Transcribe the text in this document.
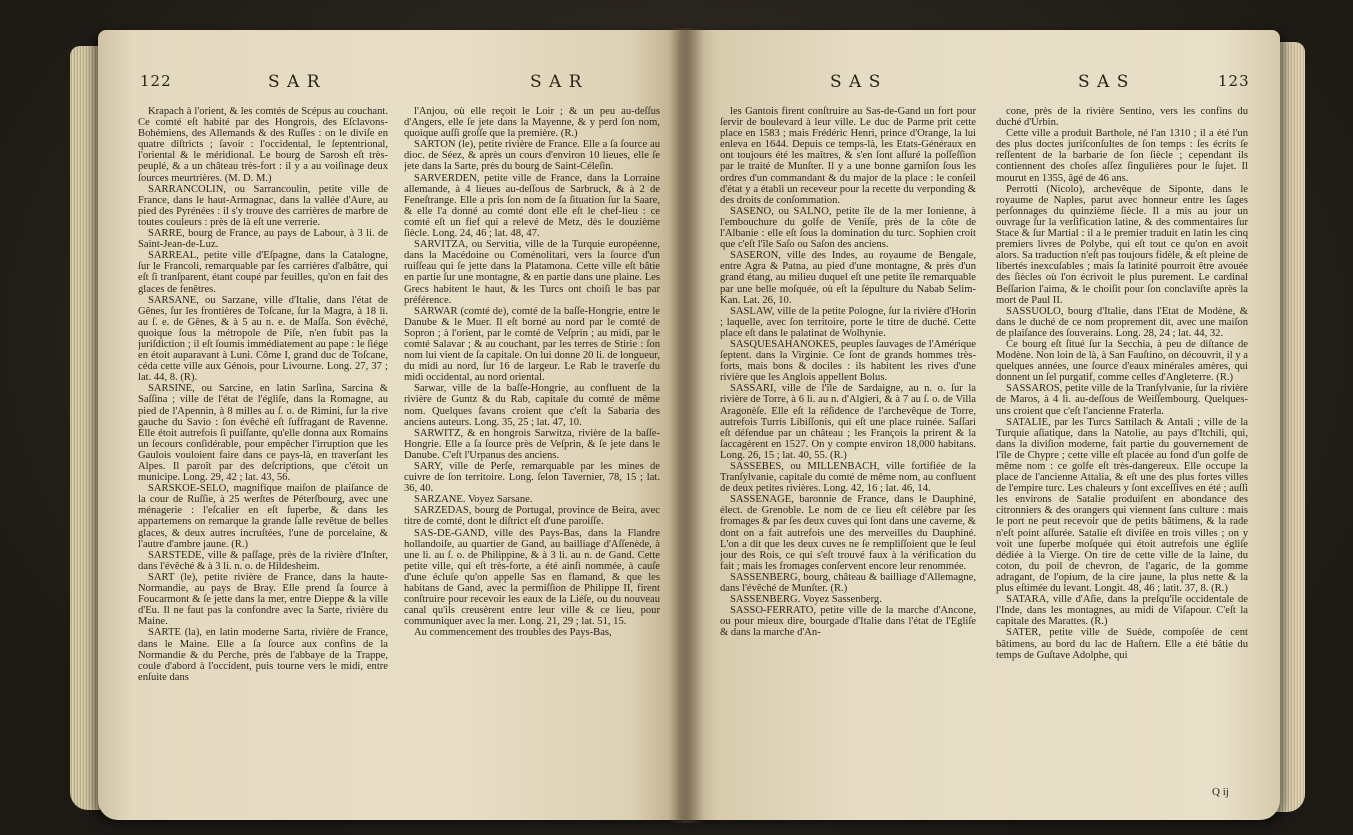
122	S A R	S A R

Krapach à l'orient, & les comtés de Scépus au couchant. Ce comté eſt habité par des Hongrois, des Eſclavons-Bohémiens, des Allemands & des Ruſſes : on le diviſe en quatre diſtricts ; ſavoir : l'occidental, le ſeptentrional, l'oriental & le méridional. Le bourg de Sarosh eſt très-peuplé, & a un château très-fort : il y a au voiſinage deux ſources meurtrières. (M. D. M.)

SARRANCOLIN, ou Sarrancoulin, petite ville de France, dans le haut-Armagnac, dans la vallée d'Aure, au pied des Pyrénées : il s'y trouve des carrières de marbre de toutes couleurs : près de là eſt une verrerie.

SARRE, bourg de France, au pays de Labour, à 3 li. de Saint-Jean-de-Luz.

SARREAL, petite ville d'Eſpagne, dans la Catalogne, ſur le Francoli, remarquable par ſes carrières d'albâtre, qui eſt ſi tranſparent, étant coupé par feuilles, qu'on en fait des glaces de fenêtres.

SARSANE, ou Sarzane, ville d'Italie, dans l'état de Gênes, ſur les frontières de Toſcane, ſur la Magra, à 18 li. au ſ. e. de Gênes, & à 5 au n. e. de Maſſa. Son évêché, quoique ſous la métropole de Piſe, n'en fubit pas la juriſdiction ; il eſt ſoumis immédiatement au pape : le ſiége en étoit auparavant à Luni. Côme I, grand duc de Toſcane, céda cette ville aux Génois, pour Livourne. Long. 27, 37 ; lat. 44, 8. (R).

SARSINE, ou Sarcine, en latin Sarſina, Sarcina & Saſſina ; ville de l'état de l'égliſe, dans la Romagne, au pied de l'Apennin, à 8 milles au ſ. o. de Rimini, ſur la rive gauche du Savio : ſon évêché eſt ſuffragant de Ravenne. Elle étoit autrefois ſi puiſſante, qu'elle donna aux Romains un ſecours conſidérable, pour empêcher l'irruption que les Gaulois vouloient faire dans ce pays-là, en traverſant les Alpes. Il paroît par des deſcriptions, que c'étoit un municipe. Long. 29, 42 ; lat. 43, 56.

SARSKOE-SELO, magnifique maiſon de plaiſance de la cour de Ruſſie, à 25 werſtes de Péterſbourg, avec une ménagerie : l'eſcalier en eſt ſuperbe, & dans les appartemens on remarque la grande ſalle revêtue de belles glaces, & deux autres incruſtées, l'une de porcelaine, & l'autre d'ambre jaune. (R.)

SARSTEDE, ville & paſſage, près de la rivière d'Inſter, dans l'évêché & à 3 li. n. o. de Hildesheim.

SART (le), petite rivière de France, dans la haute-Normandie, au pays de Bray. Elle prend ſa ſource à Foucarmont & ſe jette dans la mer, entre Dieppe & la ville d'Eu. Il ne faut pas la confondre avec la Sarte, rivière du Maine.

SARTE (la), en latin moderne Sarta, rivière de France, dans le Maine. Elle a ſa ſource aux confins de la Normandie & du Perche, près de l'abbaye de la Trappe, coule d'abord à l'occident, puis tourne vers le midi, entre enſuite dans

l'Anjou, où elle reçoit le Loir ; & un peu au-deſſus d'Angers, elle ſe jete dans la Mayenne, & y perd ſon nom, quoique auſſi groſſe que la première. (R.)

SARTON (le), petite rivière de France. Elle a ſa ſource au dioc. de Séez, & après un cours d'environ 10 lieues, elle ſe jete dans la Sarte, près du bourg de Saint-Céleſin.

SARVERDEN, petite ville de France, dans la Lorraine allemande, à 4 lieues au-deſſous de Sarbruck, & à 2 de Feneſtrange. Elle a pris ſon nom de ſa ſituation ſur la Saare, & elle l'a donné au comté dont elle eſt le chef-lieu : ce comté eſt un fief qui a relevé de Metz, dès le douzième ſiècle. Long. 24, 46 ; lat. 48, 47.

SARVITZA, ou Servitia, ville de la Turquie européenne, dans la Macédoine ou Coménolitari, vers la ſource d'un ruiſſeau qui ſe jette dans la Platamona. Cette ville eſt bâtie en partie ſur une montagne, & en partie dans une plaine. Les Grecs habitent le haut, & les Turcs ont choiſi le bas par préférence.

SARWAR (comté de), comté de la baſſe-Hongrie, entre le Danube & le Muer. Il eſt borné au nord par le comté de Sopron ; à l'orient, par le comté de Veſprin ; au midi, par le comté Salavar ; & au couchant, par les terres de Stirie : ſon nom lui vient de ſa capitale. On lui donne 20 li. de longueur, du midi au nord, ſur 16 de largeur. Le Rab le traverſe du midi occidental, au nord oriental.

Sarwar, ville de la baſſe-Hongrie, au confluent de la rivière de Guntz & du Rab, capitale du comté de même nom. Quelques ſavans croient que c'eſt la Sabaria des anciens auteurs. Long. 35, 25 ; lat. 47, 10.

SARWITZ, & en hongrois Sarwitza, rivière de la baſſe-Hongrie. Elle a ſa ſource près de Veſprin, & ſe jete dans le Danube. C'eſt l'Urpanus des anciens.

SARY, ville de Perſe, remarquable par les mines de cuivre de ſon territoire. Long. ſelon Tavernier, 78, 15 ; lat. 36, 40.

SARZANE. Voyez Sarsane.

SARZEDAS, bourg de Portugal, province de Beira, avec titre de comté, dont le diſtrict eſt d'une paroiſſe.

SAS-DE-GAND, ville des Pays-Bas, dans la Flandre hollandoiſe, au quartier de Gand, au bailliage d'Aſſenède, à une li. au ſ. o. de Philippine, & à 3 li. au n. de Gand. Cette petite ville, qui eſt très-forte, a été ainſi nommée, à cauſe d'une écluſe qu'on appelle Sas en flamand, & que les habitans de Gand, avec la permiſſion de Philippe II, firent conſtruire pour recevoir les eaux de la Liéſe, ou du nouveau canal qu'ils creusèrent entre leur ville & ce lieu, pour communiquer avec la mer. Long. 21, 29 ; lat. 51, 15.

Au commencement des troubles des Pays-Bas,

S A S	S A S	123

les Gantois firent conſtruire au Sas-de-Gand un fort pour ſervir de boulevard à leur ville. Le duc de Parme prit cette place en 1583 ; mais Frédéric Henri, prince d'Orange, la lui enleva en 1644. Depuis ce temps-là, les Etats-Généraux en ont toujours été les maîtres, & s'en ſont aſſuré la poſſeſſion par le traité de Munſter. Il y a une bonne garniſon ſous les ordres d'un commandant & du major de la place : le conſeil d'état y a établi un receveur pour la recette du verponding & des droits de conſommation.

SASENO, ou SALNO, petite île de la mer Ionienne, à l'embouchure du golfe de Veniſe, près de la côte de l'Albanie : elle eſt ſous la domination du turc. Sophien croit que c'eſt l'île Saſo ou Saſon des anciens.

SASERON, ville des Indes, au royaume de Bengale, entre Agra & Patna, au pied d'une montagne, & près d'un grand étang, au milieu duquel eſt une petite île remarquable par une belle moſquée, où eſt la ſépulture du Nabab Selim-Kan. Lat. 26, 10.

SASLAW, ville de la petite Pologne, ſur la rivière d'Horin ; laquelle, avec ſon territoire, porte le titre de duché. Cette place eſt dans le palatinat de Wolhynie.

SASQUESAHANOKES, peuples ſauvages de l'Amérique ſeptent. dans la Virginie. Ce ſont de grands hommes très-forts, mais bons & dociles : ils habitent les rives d'une rivière que les Anglois appellent Bolus.

SASSARI, ville de l'île de Sardaigne, au n. o. ſur la rivière de Torre, à 6 li. au n. d'Algieri, & à 7 au ſ. o. de Villa Aragonèſe. Elle eſt la réſidence de l'archevêque de Torre, autrefois Turris Libiſſonis, qui eſt une place ruinée. Saſſari eſt défendue par un château ; les François la prirent & la ſaccagèrent en 1527. On y compte environ 18,000 habitans. Long. 26, 15 ; lat. 40, 55. (R.)

SASSEBES, ou MILLENBACH, ville fortifiée de la Tranſylvanie, capitale du comté de même nom, au confluent de deux petites rivières. Long. 42, 16 ; lat. 46, 14.

SASSENAGE, baronnie de France, dans le Dauphiné, élect. de Grenoble. Le nom de ce lieu eſt célèbre par ſes fromages & par ſes deux cuves qui ſont dans une caverne, & dont on a fait autrefois une des merveilles du Dauphiné. L'on a dit que les deux cuves ne ſe rempliſſoient que le ſeul jour des Rois, ce qui s'eſt trouvé faux à la vérification du fait ; mais les fromages conſervent encore leur renommée.

SASSENBERG, bourg, château & bailliage d'Allemagne, dans l'évêché de Munſter. (R.)

SASSENBERG. Voyez Sassenberg.

SASSO-FERRATO, petite ville de la marche d'Ancone, ou pour mieux dire, bourgade d'Italie dans l'état de l'Egliſe & dans la marche d'An-

cone, près de la rivière Sentino, vers les confins du duché d'Urbin.

Cette ville a produit Barthole, né l'an 1310 ; il a été l'un des plus doctes juriſconſultes de ſon temps : ſes écrits ſe reſſentent de la barbarie de ſon ſiècle ; cependant ils contiennent des choſes aſſez ſingulières pour le ſujet. Il mourut en 1355, âgé de 46 ans.

Perrotti (Nicolo), archevêque de Siponte, dans le royaume de Naples, parut avec honneur entre les ſages perſonnages du quinzième ſiècle. Il a mis au jour un ouvrage ſur la verſification latine, & des commentaires ſur Stace & ſur Martial : il a le premier traduit en latin les cinq premiers livres de Polybe, qui eſt tout ce qu'on en avoit alors. Sa traduction n'eſt pas toujours fidèle, & eſt pleine de libertés inexcuſables ; mais ſa latinité pourroit être avouée des ſiècles où l'on écrivoit le plus purement. Le cardinal Beſſarion l'aima, & le choiſit pour ſon conclaviſte après la mort de Paul II.

SASSUOLO, bourg d'Italie, dans l'Etat de Modène, & dans le duché de ce nom proprement dit, avec une maiſon de plaiſance des ſouverains. Long. 28, 24 ; lat. 44, 32.

Ce bourg eſt ſitué ſur la Secchia, à peu de diſtance de Modène. Non loin de là, à San Fauſtino, on découvrit, il y a quelques années, une ſource d'eaux minérales amères, qui donnent un ſel purgatif, comme celles d'Angleterre. (R.)

SASSAROS, petite ville de la Tranſylvanie, ſur la rivière de Maros, à 4 li. au-deſſous de Weiſſembourg. Quelques-uns croient que c'eſt l'ancienne Fraterla.

SATALIE, par les Turcs Sattilach & Antali ; ville de la Turquie aſiatique, dans la Natolie, au pays d'Itchili, qui, dans la diviſion moderne, fait partie du gouvernement de l'île de Chypre ; cette ville eſt placée au fond d'un golfe de même nom : ce golfe eſt très-dangereux. Elle occupe la place de l'ancienne Attalia, & eſt une des plus fortes villes de l'empire turc. Les chaleurs y ſont exceſſives en été ; auſſi les environs de Satalie produiſent en abondance des citronniers & des orangers qui viennent ſans culture : mais le port ne peut recevoir que de petits bâtimens, & la rade n'eſt point aſſurée. Satalie eſt diviſée en trois villes ; on y voit une ſuperbe moſquée qui étoit autrefois une égliſe dédiée à la Vierge. On tire de cette ville de la laine, du coton, du poil de chevron, de l'agaric, de la gomme adragant, de l'opium, de la cire jaune, la plus nette & la plus eſtimée du levant. Longit. 48, 46 ; latit. 37, 8. (R.)

SATARA, ville d'Aſie, dans la preſqu'île occidentale de l'Inde, dans les montagnes, au midi de Viſapour. C'eſt la capitale des Marattes. (R.)

SATER, petite ville de Suède, compoſée de cent bâtimens, au bord du lac de Haſtern. Elle a été bâtie du temps de Guſtave Adolphe, qui

Q ij
